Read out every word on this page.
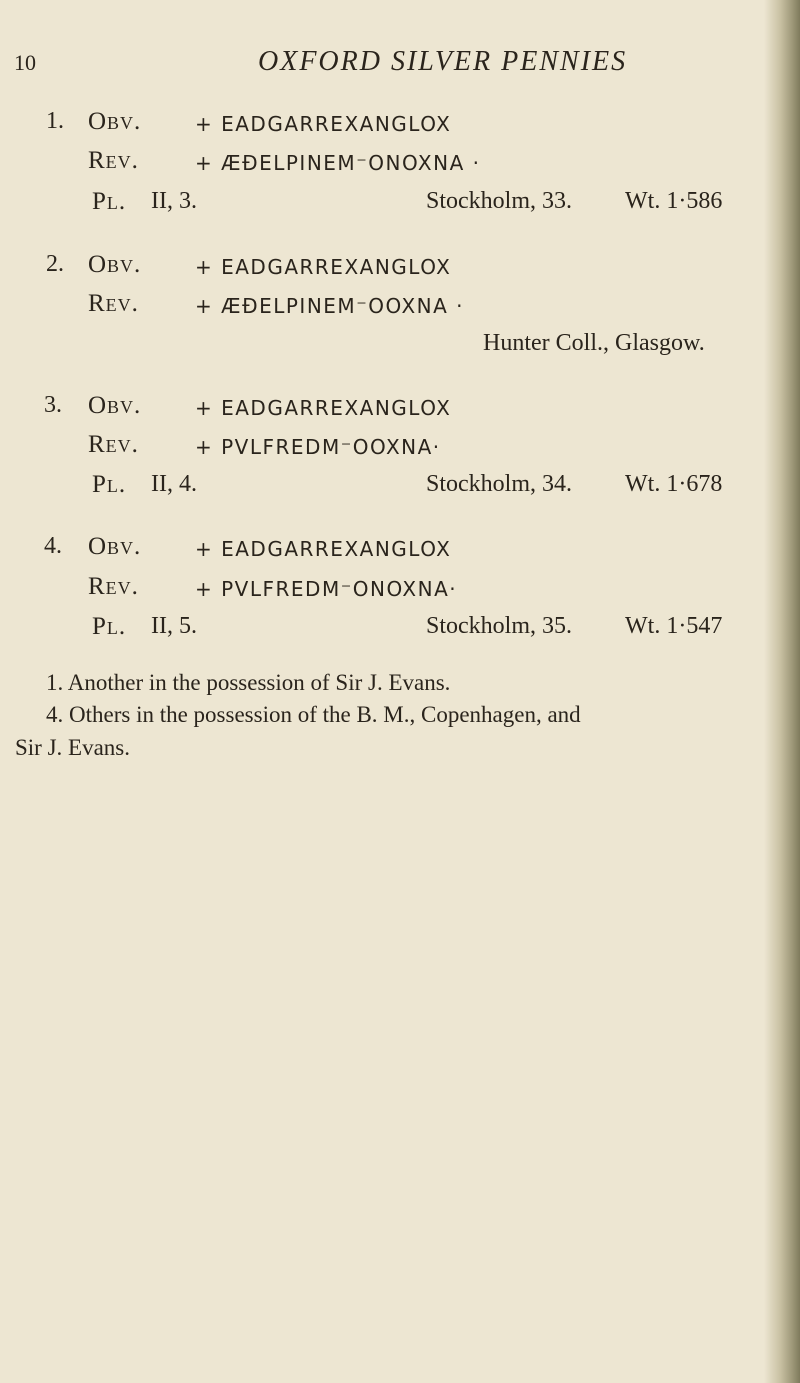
10	OXFORD SILVER PENNIES
1. Obv.	+ EADGARREXANGLOX
Rev.	+ ÆÐELPINEM⁻ONOXNA ·
Pl. II, 3.	Stockholm, 33. Wt. 1·586
2. Obv.	+ EADGARREXANGLOX
Rev.	+ ÆÐELPINEM⁻OOXNA ·
Hunter Coll., Glasgow.
3. Obv.	+ EADGARREXANGLOX
Rev.	+ PVLFREDM⁻OOXNA·
Pl. II, 4.	Stockholm, 34. Wt. 1·678
4. Obv.	+ EADGARREXANGLOX
Rev.	+ PVLFREDM⁻ONOXNA·
Pl. II, 5.	Stockholm, 35. Wt. 1·547
1. Another in the possession of Sir J. Evans.
4. Others in the possession of the B. M., Copenhagen, and
Sir J. Evans.
